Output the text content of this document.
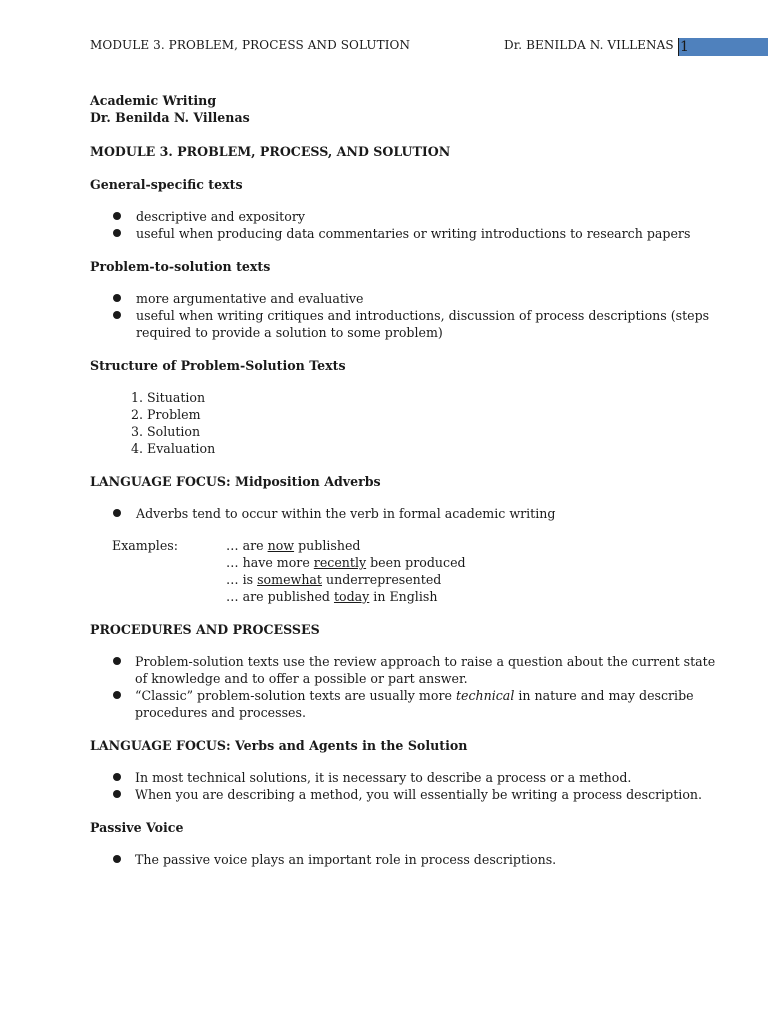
MODULE 3. PROBLEM, PROCESS AND SOLUTION	Dr. BENILDA N. VILLENAS 1
Academic Writing
Dr. Benilda N. Villenas
MODULE 3. PROBLEM, PROCESS, AND SOLUTION
General-specific texts
descriptive and expository
useful when producing data commentaries or writing introductions to research papers
Problem-to-solution texts
more argumentative and evaluative
useful when writing critiques and introductions, discussion of process descriptions (steps required to provide a solution to some problem)
Structure of Problem-Solution Texts
1. Situation
2. Problem
3. Solution
4. Evaluation
LANGUAGE FOCUS: Midposition Adverbs
Adverbs tend to occur within the verb in formal academic writing
Examples:	… are now published
… have more recently been produced
… is somewhat underrepresented
… are published today in English
PROCEDURES AND PROCESSES
Problem-solution texts use the review approach to raise a question about the current state of knowledge and to offer a possible or part answer.
“Classic” problem-solution texts are usually more technical in nature and may describe procedures and processes.
LANGUAGE FOCUS: Verbs and Agents in the Solution
In most technical solutions, it is necessary to describe a process or a method.
When you are describing a method, you will essentially be writing a process description.
Passive Voice
The passive voice plays an important role in process descriptions.
